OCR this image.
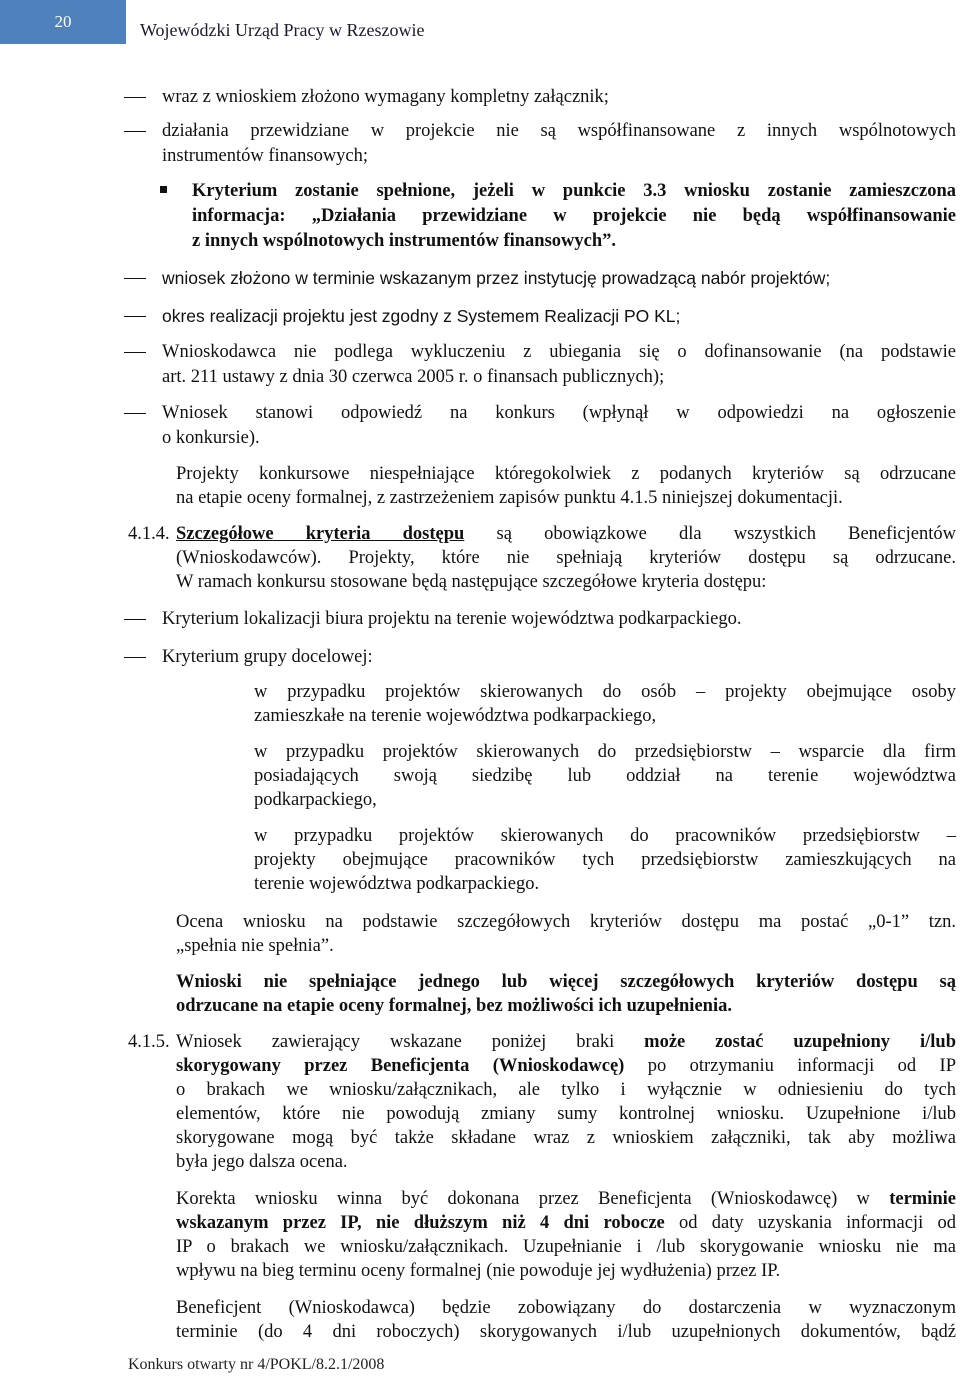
20	Wojewódzki Urząd Pracy w Rzeszowie
wraz z wnioskiem złożono wymagany kompletny załącznik;
działania przewidziane w projekcie nie są współfinansowane z innych wspólnotowych
instrumentów finansowych;
Kryterium zostanie spełnione, jeżeli w punkcie 3.3 wniosku zostanie zamieszczona
informacja: „Działania przewidziane w projekcie nie będą współfinansowanie
z innych wspólnotowych instrumentów finansowych”.
wniosek złożono w terminie wskazanym przez instytucję prowadzącą nabór projektów;
okres realizacji projektu jest zgodny z Systemem Realizacji PO KL;
Wnioskodawca nie podlega wykluczeniu z ubiegania się o dofinansowanie (na podstawie
art. 211 ustawy z dnia 30 czerwca 2005 r. o finansach publicznych);
Wniosek stanowi odpowiedź na konkurs (wpłynął w odpowiedzi na ogłoszenie
o konkursie).
Projekty konkursowe niespełniające któregokolwiek z podanych kryteriów są odrzucane
na etapie oceny formalnej, z zastrzeżeniem zapisów punktu 4.1.5 niniejszej dokumentacji.
4.1.4. Szczegółowe kryteria dostępu są obowiązkowe dla wszystkich Beneficjentów
(Wnioskodawców). Projekty, które nie spełniają kryteriów dostępu są odrzucane.
W ramach konkursu stosowane będą następujące szczegółowe kryteria dostępu:
Kryterium lokalizacji biura projektu na terenie województwa podkarpackiego.
Kryterium grupy docelowej:
w przypadku projektów skierowanych do osób – projekty obejmujące osoby
zamieszkałe na terenie województwa podkarpackiego,
w przypadku projektów skierowanych do przedsiębiorstw – wsparcie dla firm
posiadających swoją siedzibę lub oddział na terenie województwa
podkarpackiego,
w przypadku projektów skierowanych do pracowników przedsiębiorstw –
projekty obejmujące pracowników tych przedsiębiorstw zamieszkujących na
terenie województwa podkarpackiego.
Ocena wniosku na podstawie szczegółowych kryteriów dostępu ma postać „0-1” tzn.
„spełnia nie spełnia”.
Wnioski nie spełniające jednego lub więcej szczegółowych kryteriów dostępu są
odrzucane na etapie oceny formalnej, bez możliwości ich uzupełnienia.
4.1.5. Wniosek zawierający wskazane poniżej braki może zostać uzupełniony i/lub
skorygowany przez Beneficjenta (Wnioskodawcę) po otrzymaniu informacji od IP
o brakach we wniosku/załącznikach, ale tylko i wyłącznie w odniesieniu do tych
elementów, które nie powodują zmiany sumy kontrolnej wniosku. Uzupełnione i/lub
skorygowane mogą być także składane wraz z wnioskiem załączniki, tak aby możliwa
była jego dalsza ocena.
Korekta wniosku winna być dokonana przez Beneficjenta (Wnioskodawcę) w terminie
wskazanym przez IP, nie dłuższym niż 4 dni robocze od daty uzyskania informacji od
IP o brakach we wniosku/załącznikach. Uzupełnianie i /lub skorygowanie wniosku nie ma
wpływu na bieg terminu oceny formalnej (nie powoduje jej wydłużenia) przez IP.
Beneficjent (Wnioskodawca) będzie zobowiązany do dostarczenia w wyznaczonym
terminie (do 4 dni roboczych) skorygowanych i/lub uzupełnionych dokumentów, bądź
Konkurs otwarty nr 4/POKL/8.2.1/2008
